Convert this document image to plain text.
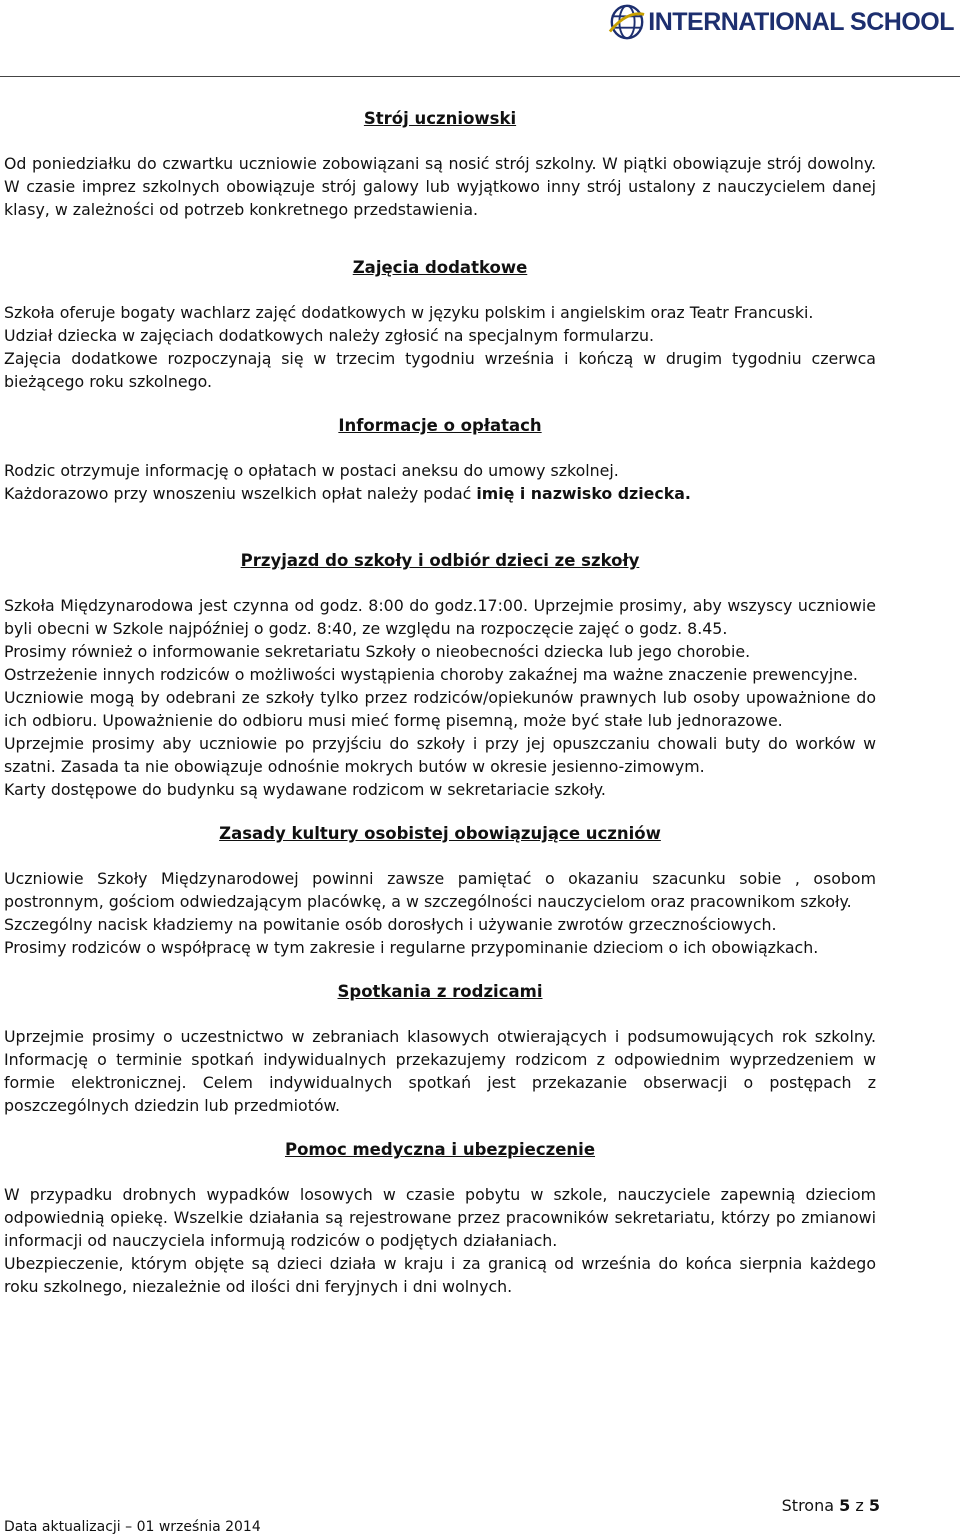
INTERNATIONAL SCHOOL
Strój uczniowski

Od poniedziałku do czwartku uczniowie zobowiązani są nosić strój szkolny. W piątki obowiązuje strój dowolny. W czasie imprez szkolnych obowiązuje strój galowy lub wyjątkowo inny strój ustalony z nauczycielem danej klasy, w zależności od potrzeb konkretnego przedstawienia.

Zajęcia dodatkowe

Szkoła oferuje bogaty wachlarz zajęć dodatkowych w języku polskim i angielskim oraz Teatr Francuski.

Udział dziecka w zajęciach dodatkowych należy zgłosić na specjalnym formularzu.

Zajęcia dodatkowe rozpoczynają się w trzecim tygodniu września i kończą w drugim tygodniu czerwca bieżącego roku szkolnego.

Informacje o opłatach

Rodzic otrzymuje informację o opłatach w postaci aneksu do umowy szkolnej.

Każdorazowo przy wnoszeniu wszelkich opłat należy podać imię i nazwisko dziecka.

Przyjazd do szkoły i odbiór dzieci ze szkoły

Szkoła Międzynarodowa jest czynna od godz. 8:00 do godz.17:00. Uprzejmie prosimy, aby wszyscy uczniowie byli obecni w Szkole najpóźniej o godz. 8:40, ze względu na rozpoczęcie zajęć o godz. 8.45.

Prosimy również o informowanie sekretariatu Szkoły o nieobecności dziecka lub jego chorobie.

Ostrzeżenie innych rodziców o możliwości wystąpienia choroby zakaźnej ma ważne znaczenie prewencyjne.

Uczniowie mogą by odebrani ze szkoły tylko przez rodziców/opiekunów prawnych lub osoby upoważnione do ich odbioru. Upoważnienie do odbioru musi mieć formę pisemną, może być stałe lub jednorazowe.

Uprzejmie prosimy aby uczniowie po przyjściu do szkoły i przy jej opuszczaniu chowali buty do worków w szatni. Zasada ta nie obowiązuje odnośnie mokrych butów w okresie jesienno-zimowym.

Karty dostępowe do budynku są wydawane rodzicom w sekretariacie szkoły.

Zasady kultury osobistej obowiązujące uczniów

Uczniowie Szkoły Międzynarodowej powinni zawsze pamiętać o okazaniu szacunku sobie , osobom postronnym, gościom odwiedzającym placówkę, a w szczególności nauczycielom oraz pracownikom szkoły.

Szczególny nacisk kładziemy na powitanie osób dorosłych i używanie zwrotów grzecznościowych.

Prosimy rodziców o współpracę w tym zakresie i regularne przypominanie dzieciom o ich obowiązkach.

Spotkania z rodzicami

Uprzejmie prosimy o uczestnictwo w zebraniach klasowych otwierających i podsumowujących rok szkolny. Informację o terminie spotkań indywidualnych przekazujemy rodzicom z odpowiednim wyprzedzeniem w formie elektronicznej. Celem indywidualnych spotkań jest przekazanie obserwacji o postępach z poszczególnych dziedzin lub przedmiotów.

Pomoc medyczna i ubezpieczenie

W przypadku drobnych wypadków losowych w czasie pobytu w szkole, nauczyciele zapewnią dzieciom odpowiednią opiekę. Wszelkie działania są rejestrowane przez pracowników sekretariatu, którzy po zmianowi informacji od nauczyciela informują rodziców o podjętych działaniach.

Ubezpieczenie, którym objęte są dzieci działa w kraju i za granicą od września do końca sierpnia każdego roku szkolnego, niezależnie od ilości dni feryjnych i dni wolnych.

Strona 5 z 5
Data aktualizacji – 01 września 2014
